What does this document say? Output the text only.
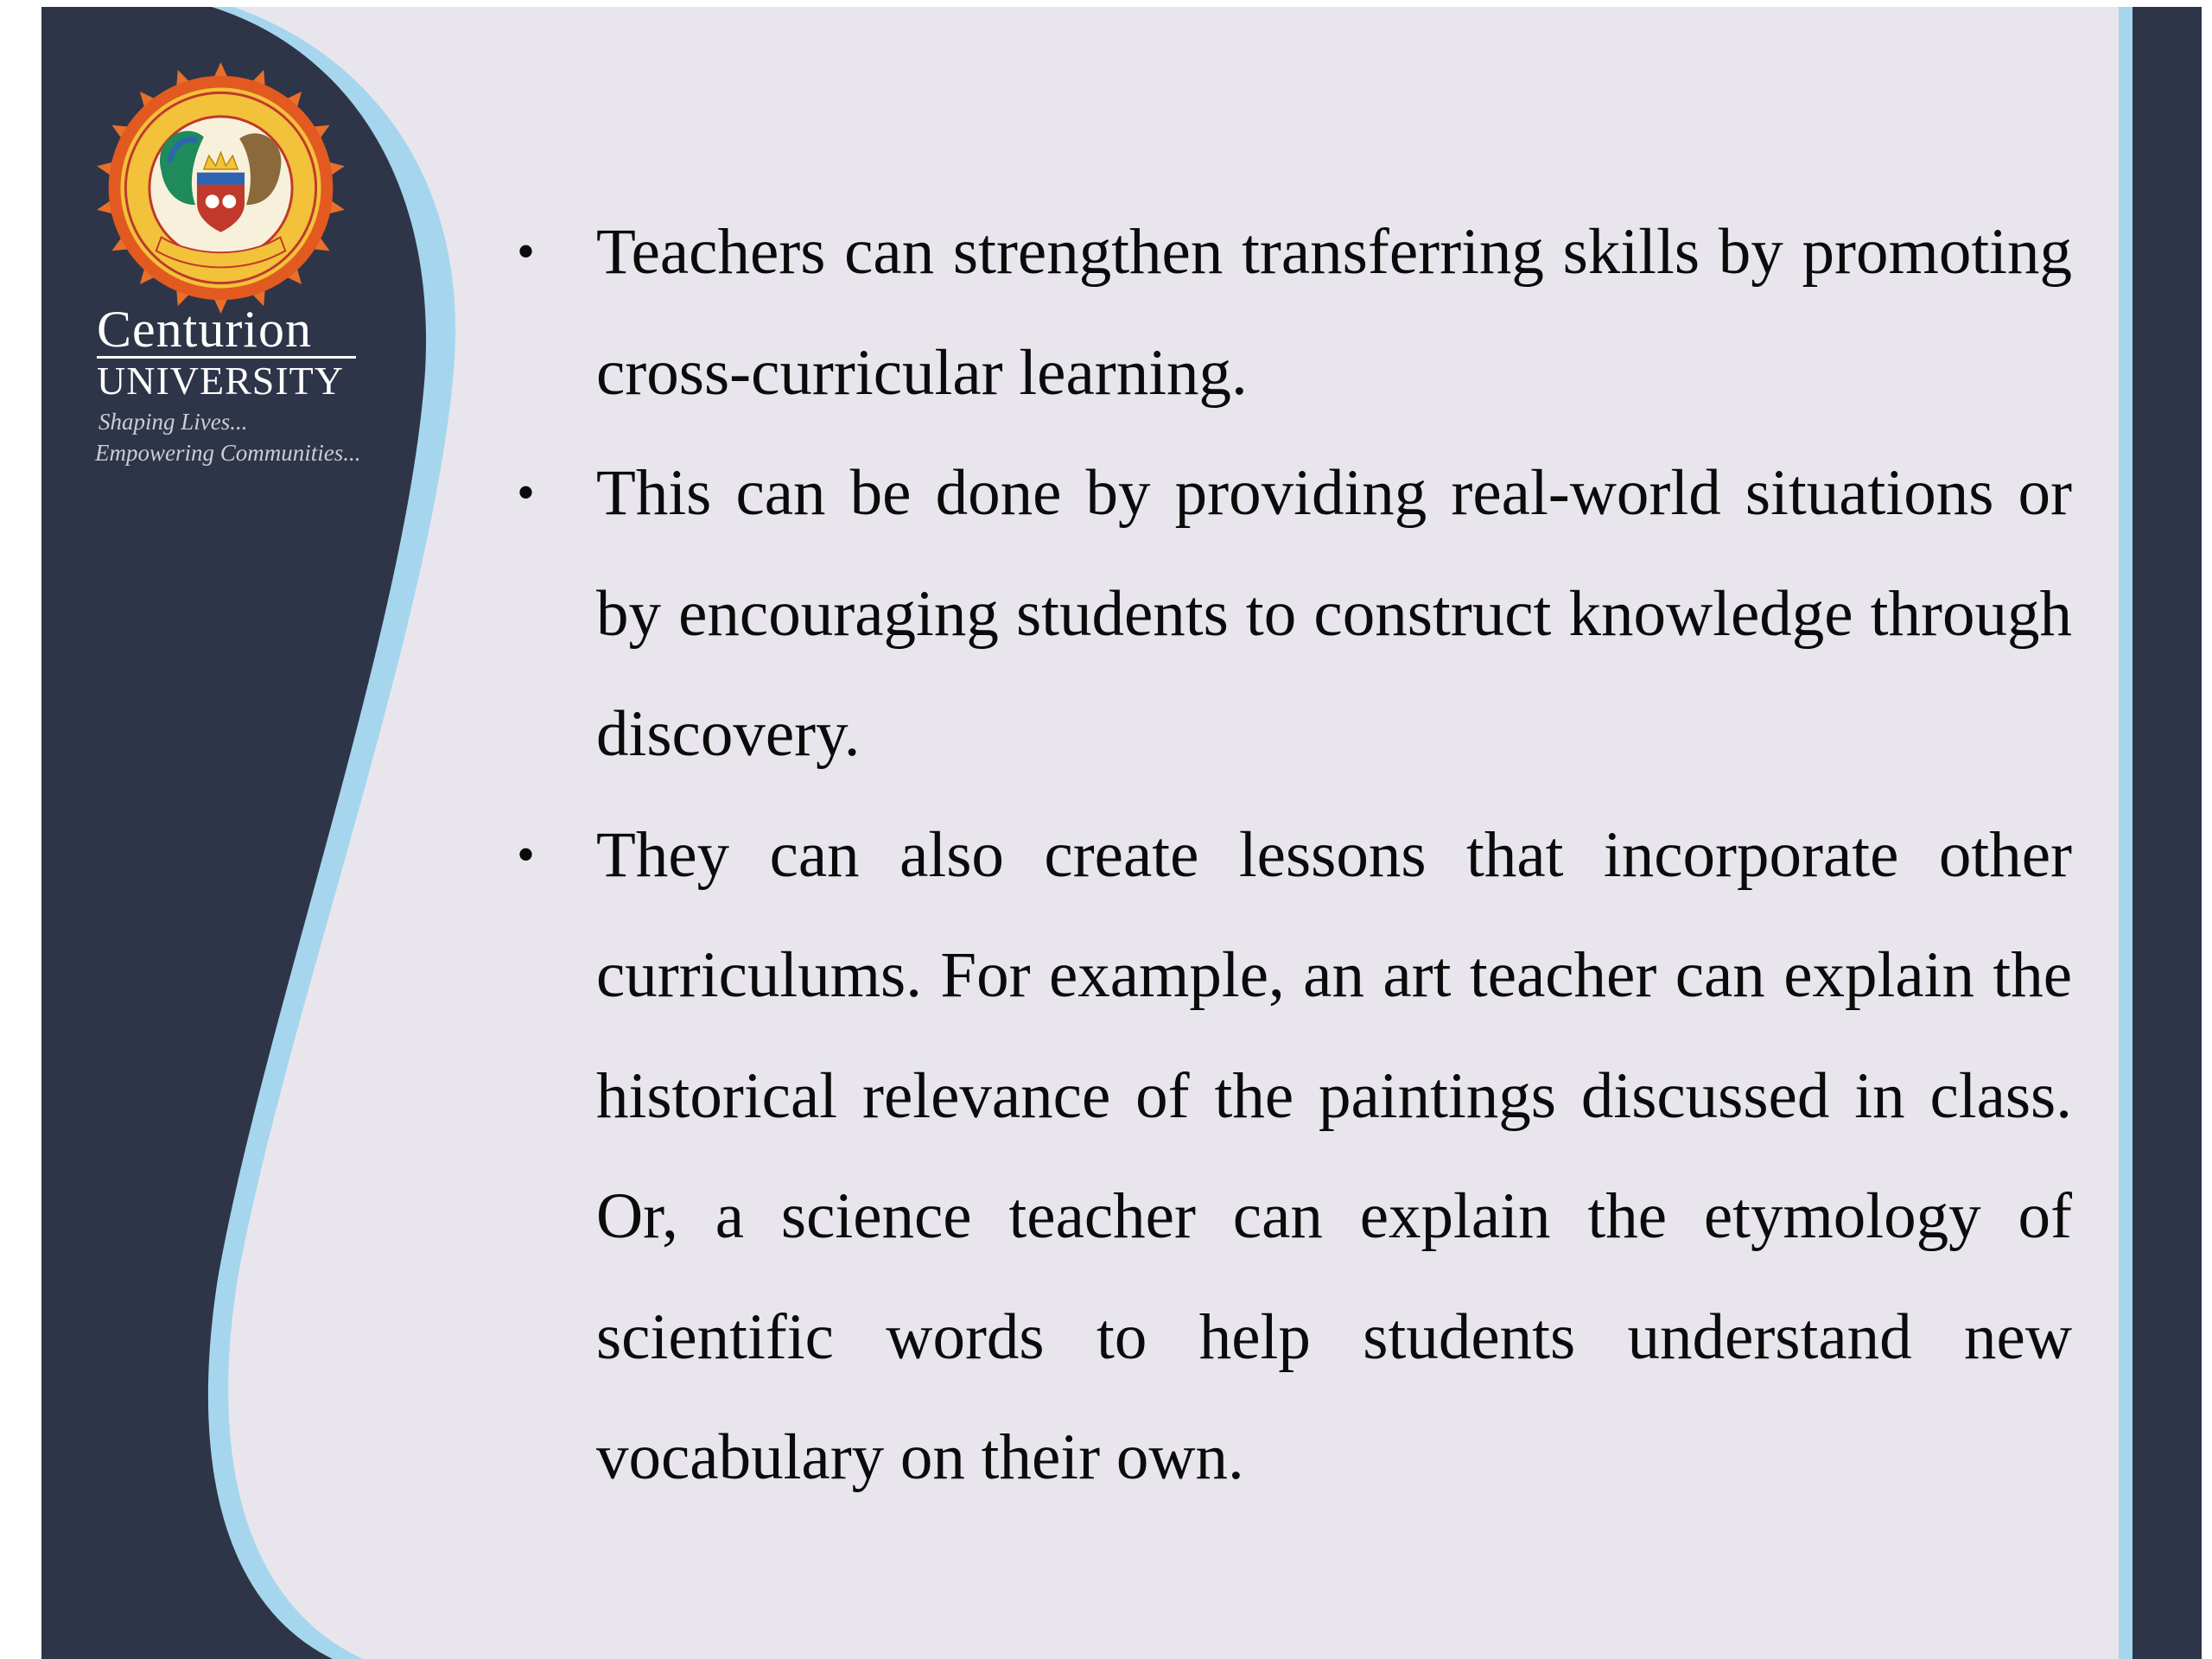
Centurion
UNIVERSITY
Shaping Lives...
Empowering Communities...
• Teachers can strengthen transferring skills by promoting cross-curricular learning.
• This can be done by providing real-world situations or by encouraging students to construct knowledge through discovery.
• They can also create lessons that incorporate other curriculums. For example, an art teacher can explain the historical relevance of the paintings discussed in class. Or, a science teacher can explain the etymology of scientific words to help students understand new vocabulary on their own.
